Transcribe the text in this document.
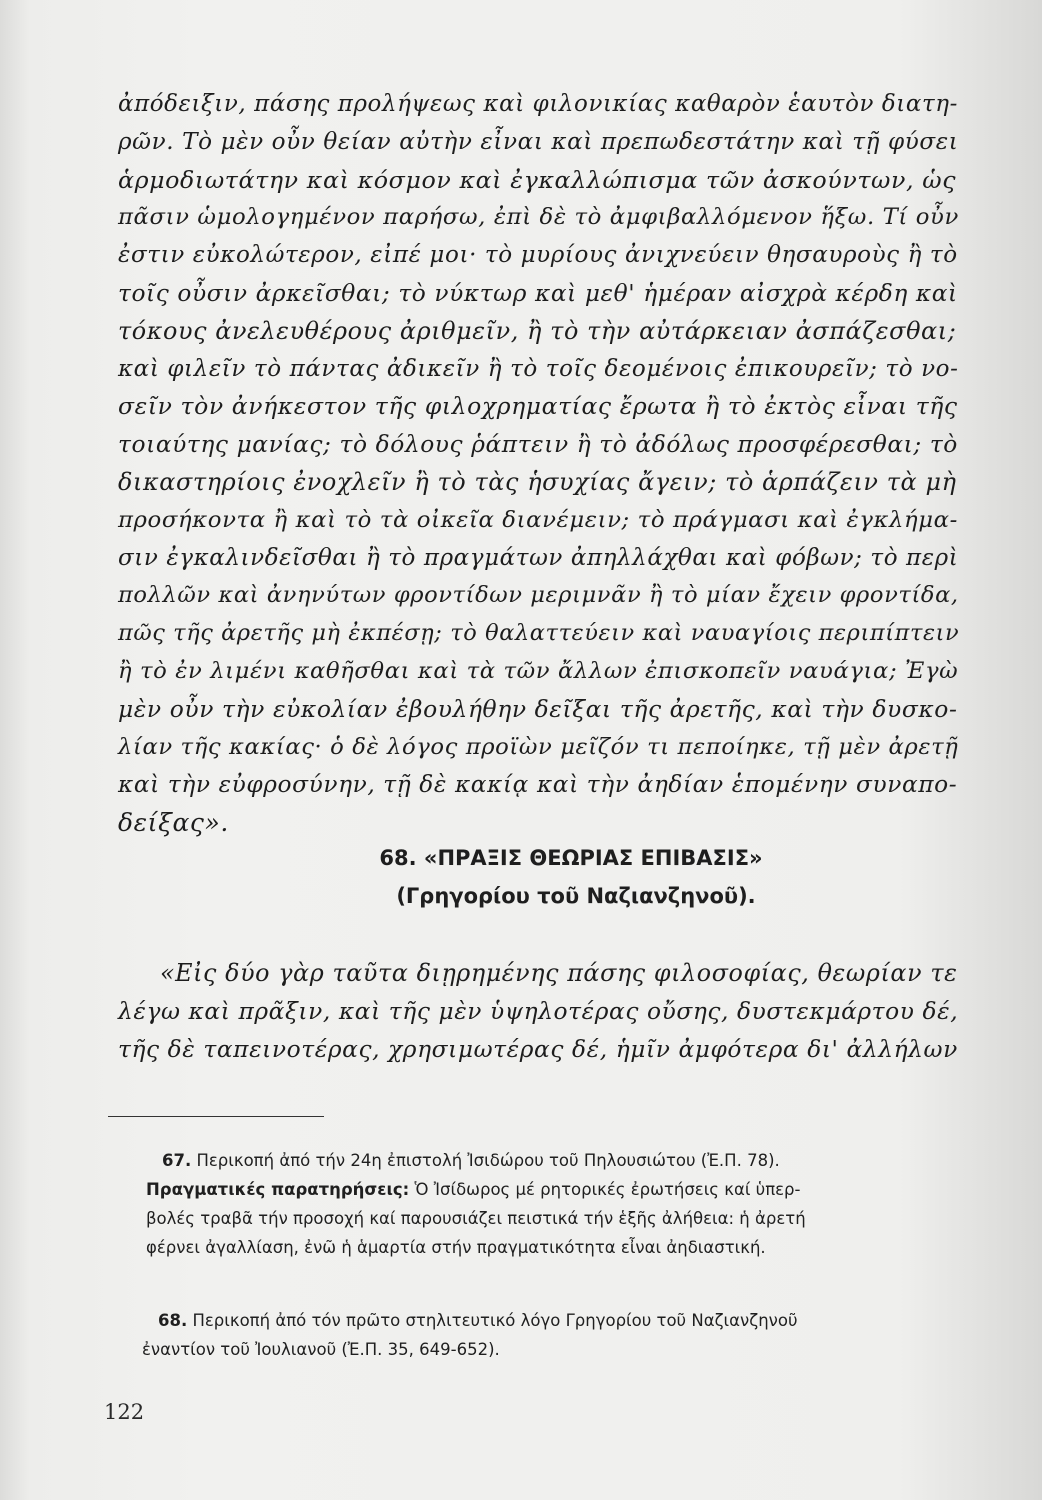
ἀπόδειξιν, πάσης προλήψεως καὶ φιλονικίας καθαρὸν ἑαυτὸν διατη-
ρῶν. Τὸ μὲν οὖν θείαν αὐτὴν εἶναι καὶ πρεπωδεστάτην καὶ τῇ φύσει
ἁρμοδιωτάτην καὶ κόσμον καὶ ἐγκαλλώπισμα τῶν ἀσκούντων, ὡς
πᾶσιν ὡμολογημένον παρήσω, ἐπὶ δὲ τὸ ἀμφιβαλλόμενον ἥξω. Τί οὖν
ἐστιν εὐκολώτερον, εἰπέ μοι· τὸ μυρίους ἀνιχνεύειν θησαυροὺς ἢ τὸ
τοῖς οὖσιν ἀρκεῖσθαι; τὸ νύκτωρ καὶ μεθ' ἡμέραν αἰσχρὰ κέρδη καὶ
τόκους ἀνελευθέρους ἀριθμεῖν, ἢ τὸ τὴν αὐτάρκειαν ἀσπάζεσθαι;
καὶ φιλεῖν τὸ πάντας ἀδικεῖν ἢ τὸ τοῖς δεομένοις ἐπικουρεῖν; τὸ νο-
σεῖν τὸν ἀνήκεστον τῆς φιλοχρηματίας ἔρωτα ἢ τὸ ἐκτὸς εἶναι τῆς
τοιαύτης μανίας; τὸ δόλους ῥάπτειν ἢ τὸ ἀδόλως προσφέρεσθαι; τὸ
δικαστηρίοις ἐνοχλεῖν ἢ τὸ τὰς ἡσυχίας ἄγειν; τὸ ἁρπάζειν τὰ μὴ
προσήκοντα ἢ καὶ τὸ τὰ οἰκεῖα διανέμειν; τὸ πράγμασι καὶ ἐγκλήμα-
σιν ἐγκαλινδεῖσθαι ἢ τὸ πραγμάτων ἀπηλλάχθαι καὶ φόβων; τὸ περὶ
πολλῶν καὶ ἀνηνύτων φροντίδων μεριμνᾶν ἢ τὸ μίαν ἔχειν φροντίδα,
πῶς τῆς ἀρετῆς μὴ ἐκπέσῃ; τὸ θαλαττεύειν καὶ ναυαγίοις περιπίπτειν
ἢ τὸ ἐν λιμένι καθῆσθαι καὶ τὰ τῶν ἄλλων ἐπισκοπεῖν ναυάγια; Ἐγὼ
μὲν οὖν τὴν εὐκολίαν ἐβουλήθην δεῖξαι τῆς ἀρετῆς, καὶ τὴν δυσκο-
λίαν τῆς κακίας· ὁ δὲ λόγος προϊὼν μεῖζόν τι πεποίηκε, τῇ μὲν ἀρετῇ
καὶ τὴν εὐφροσύνην, τῇ δὲ κακίᾳ καὶ τὴν ἀηδίαν ἑπομένην συναπο-
δείξας».
68. «ΠΡΑΞΙΣ ΘΕΩΡΙΑΣ ΕΠΙΒΑΣΙΣ»
(Γρηγορίου τοῦ Ναζιανζηνοῦ).
«Εἰς δύο γὰρ ταῦτα διῃρημένης πάσης φιλοσοφίας, θεωρίαν τε
λέγω καὶ πρᾶξιν, καὶ τῆς μὲν ὑψηλοτέρας οὔσης, δυστεκμάρτου δέ,
τῆς δὲ ταπεινοτέρας, χρησιμωτέρας δέ, ἡμῖν ἀμφότερα δι' ἀλλήλων
67. Περικοπή ἀπό τήν 24η ἐπιστολή Ἰσιδώρου τοῦ Πηλουσιώτου (Ἐ.Π. 78).
Πραγματικές παρατηρήσεις: Ὁ Ἰσίδωρος μέ ρητορικές ἐρωτήσεις καί ὑπερ-
βολές τραβᾶ τήν προσοχή καί παρουσιάζει πειστικά τήν ἑξῆς ἀλήθεια: ἡ ἀρετή
φέρνει ἀγαλλίαση, ἐνῶ ἡ ἁμαρτία στήν πραγματικότητα εἶναι ἀηδιαστική.
68. Περικοπή ἀπό τόν πρῶτο στηλιτευτικό λόγο Γρηγορίου τοῦ Ναζιανζηνοῦ
ἐναντίον τοῦ Ἰουλιανοῦ (Ἐ.Π. 35, 649-652).
122
